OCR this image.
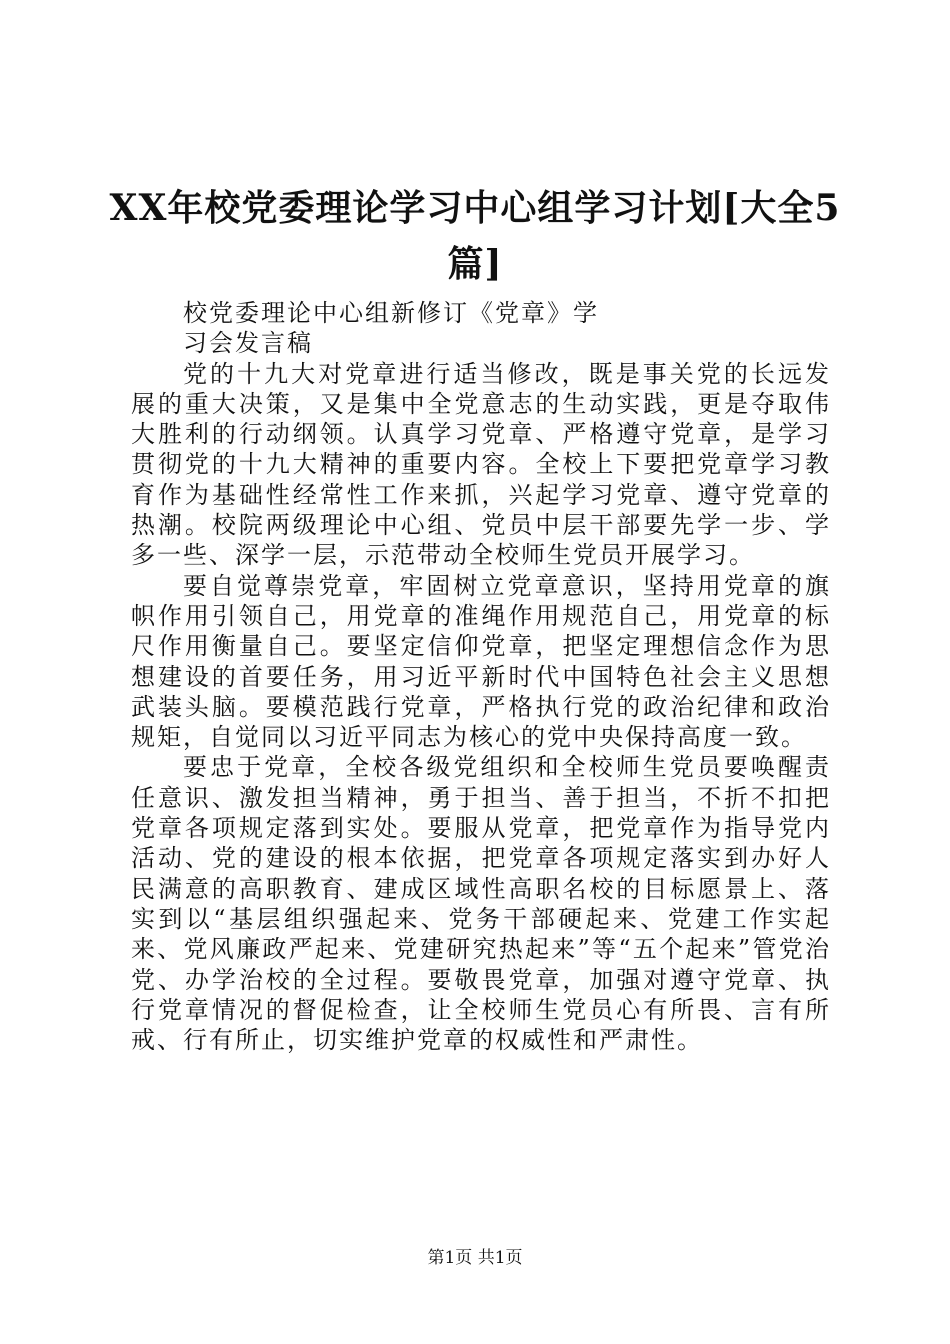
XX年校党委理论学习中心组学习计划[大全5篇]

校党委理论中心组新修订《党章》学习会发言稿

党的十九大对党章进行适当修改，既是事关党的长远发展的重大决策，又是集中全党意志的生动实践，更是夺取伟大胜利的行动纲领。认真学习党章、严格遵守党章，是学习贯彻党的十九大精神的重要内容。全校上下要把党章学习教育作为基础性经常性工作来抓，兴起学习党章、遵守党章的热潮。校院两级理论中心组、党员中层干部要先学一步、学多一些、深学一层，示范带动全校师生党员开展学习。

要自觉尊崇党章，牢固树立党章意识，坚持用党章的旗帜作用引领自己，用党章的准绳作用规范自己，用党章的标尺作用衡量自己。要坚定信仰党章，把坚定理想信念作为思想建设的首要任务，用习近平新时代中国特色社会主义思想武装头脑。要模范践行党章，严格执行党的政治纪律和政治规矩，自觉同以习近平同志为核心的党中央保持高度一致。

要忠于党章，全校各级党组织和全校师生党员要唤醒责任意识、激发担当精神，勇于担当、善于担当，不折不扣把党章各项规定落到实处。要服从党章，把党章作为指导党内活动、党的建设的根本依据，把党章各项规定落实到办好人民满意的高职教育、建成区域性高职名校的目标愿景上、落实到以“基层组织强起来、党务干部硬起来、党建工作实起来、党风廉政严起来、党建研究热起来”等“五个起来”管党治党、办学治校的全过程。要敬畏党章，加强对遵守党章、执行党章情况的督促检查，让全校师生党员心有所畏、言有所戒、行有所止，切实维护党章的权威性和严肃性。

第1页 共1页
